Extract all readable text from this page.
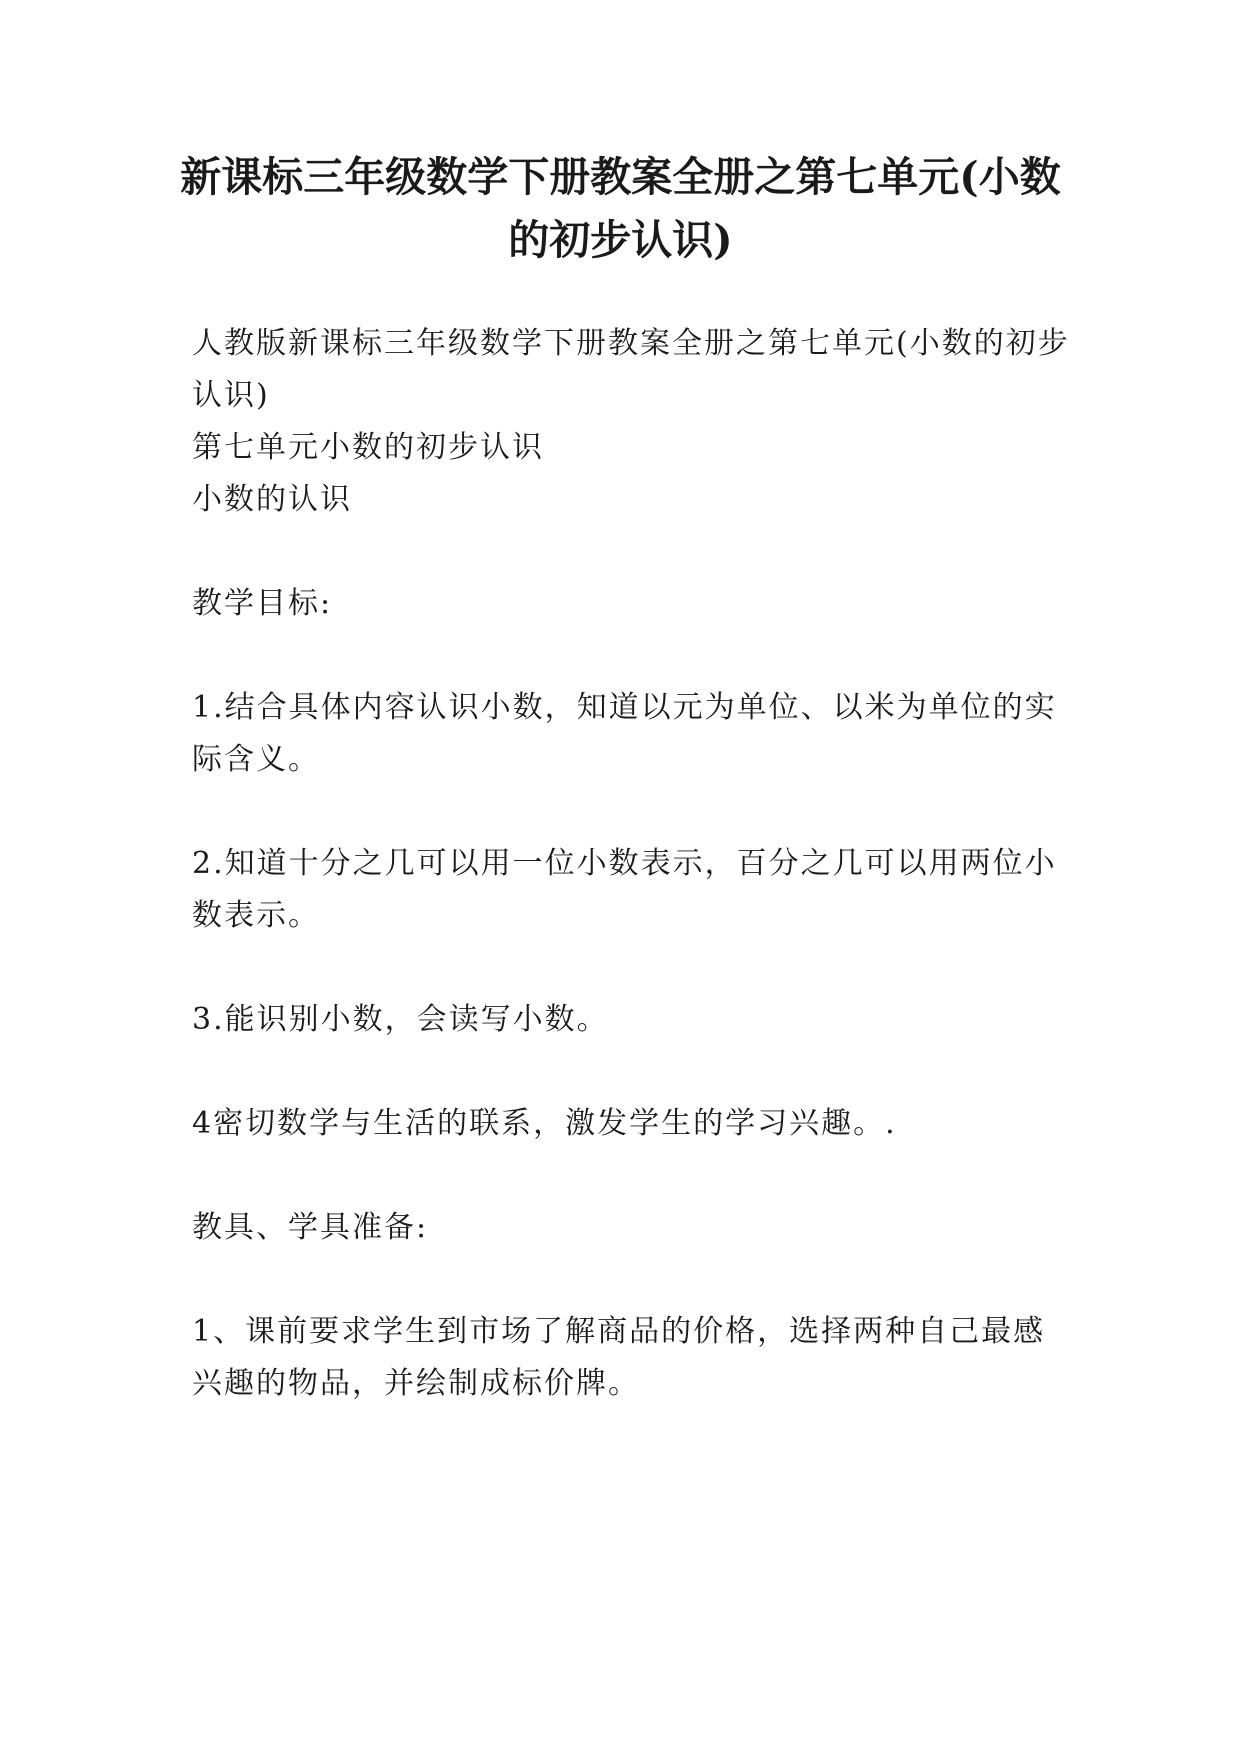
新课标三年级数学下册教案全册之第七单元(小数的初步认识)

人教版新课标三年级数学下册教案全册之第七单元(小数的初步认识)

第七单元小数的初步认识

小数的认识

教学目标:

1.结合具体内容认识小数，知道以元为单位、以米为单位的实际含义。

2.知道十分之几可以用一位小数表示，百分之几可以用两位小数表示。

3.能识别小数，会读写小数。

4密切数学与生活的联系，激发学生的学习兴趣。.

教具、学具准备:

1、课前要求学生到市场了解商品的价格，选择两种自己最感兴趣的物品，并绘制成标价牌。
